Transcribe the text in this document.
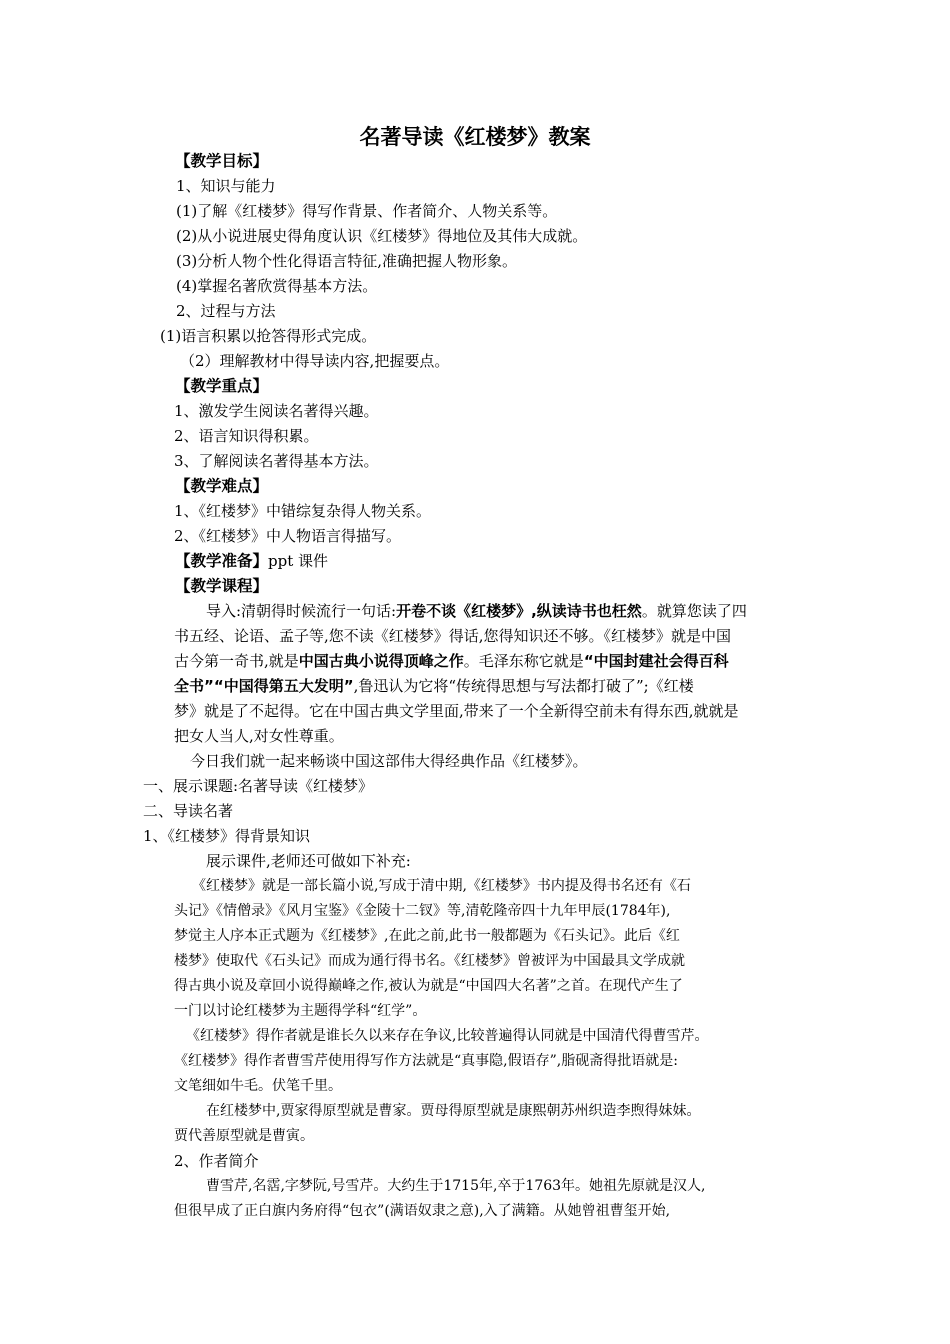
名著导读《红楼梦》教案
【教学目标】
1、知识与能力
(1)了解《红楼梦》得写作背景、作者简介、人物关系等。
(2)从小说进展史得角度认识《红楼梦》得地位及其伟大成就。
(3)分析人物个性化得语言特征,准确把握人物形象。
(4)掌握名著欣赏得基本方法。
2、过程与方法
(1)语言积累以抢答得形式完成。
（2）理解教材中得导读内容,把握要点。
【教学重点】
1、激发学生阅读名著得兴趣。
2、语言知识得积累。
3、了解阅读名著得基本方法。
【教学难点】
1、《红楼梦》中错综复杂得人物关系。
2、《红楼梦》中人物语言得描写。
【教学准备】ppt 课件
【教学课程】
导入:清朝得时候流行一句话:开卷不谈《红楼梦》,纵读诗书也枉然。就算您读了四
书五经、论语、孟子等,您不读《红楼梦》得话,您得知识还不够。《红楼梦》就是中国
古今第一奇书,就是中国古典小说得顶峰之作。毛泽东称它就是“中国封建社会得百科
全书”“中国得第五大发明”,鲁迅认为它将“传统得思想与写法都打破了”;《红楼
梦》就是了不起得。它在中国古典文学里面,带来了一个全新得空前未有得东西,就就是
把女人当人,对女性尊重。
今日我们就一起来畅谈中国这部伟大得经典作品《红楼梦》。
一、展示课题:名著导读《红楼梦》
二、导读名著
1、《红楼梦》得背景知识
展示课件,老师还可做如下补充:
《红楼梦》就是一部长篇小说,写成于清中期,《红楼梦》书内提及得书名还有《石
头记》《情僧录》《风月宝鉴》《金陵十二钗》等,清乾隆帝四十九年甲辰(1784年),
梦觉主人序本正式题为《红楼梦》,在此之前,此书一般都题为《石头记》。此后《红
楼梦》使取代《石头记》而成为通行得书名。《红楼梦》曾被评为中国最具文学成就
得古典小说及章回小说得巅峰之作,被认为就是“中国四大名著”之首。在现代产生了
一门以讨论红楼梦为主题得学科“红学”。
《红楼梦》得作者就是谁长久以来存在争议,比较普遍得认同就是中国清代得曹雪芹。
《红楼梦》得作者曹雪芹使用得写作方法就是“真事隐,假语存”,脂砚斋得批语就是:
文笔细如牛毛。伏笔千里。
在红楼梦中,贾家得原型就是曹家。贾母得原型就是康熙朝苏州织造李煦得妹妹。
贾代善原型就是曹寅。
2、作者简介
曹雪芹,名霑,字梦阮,号雪芹。大约生于1715年,卒于1763年。她祖先原就是汉人,
但很早成了正白旗内务府得“包衣”(满语奴隶之意),入了满籍。从她曾祖曹玺开始,
